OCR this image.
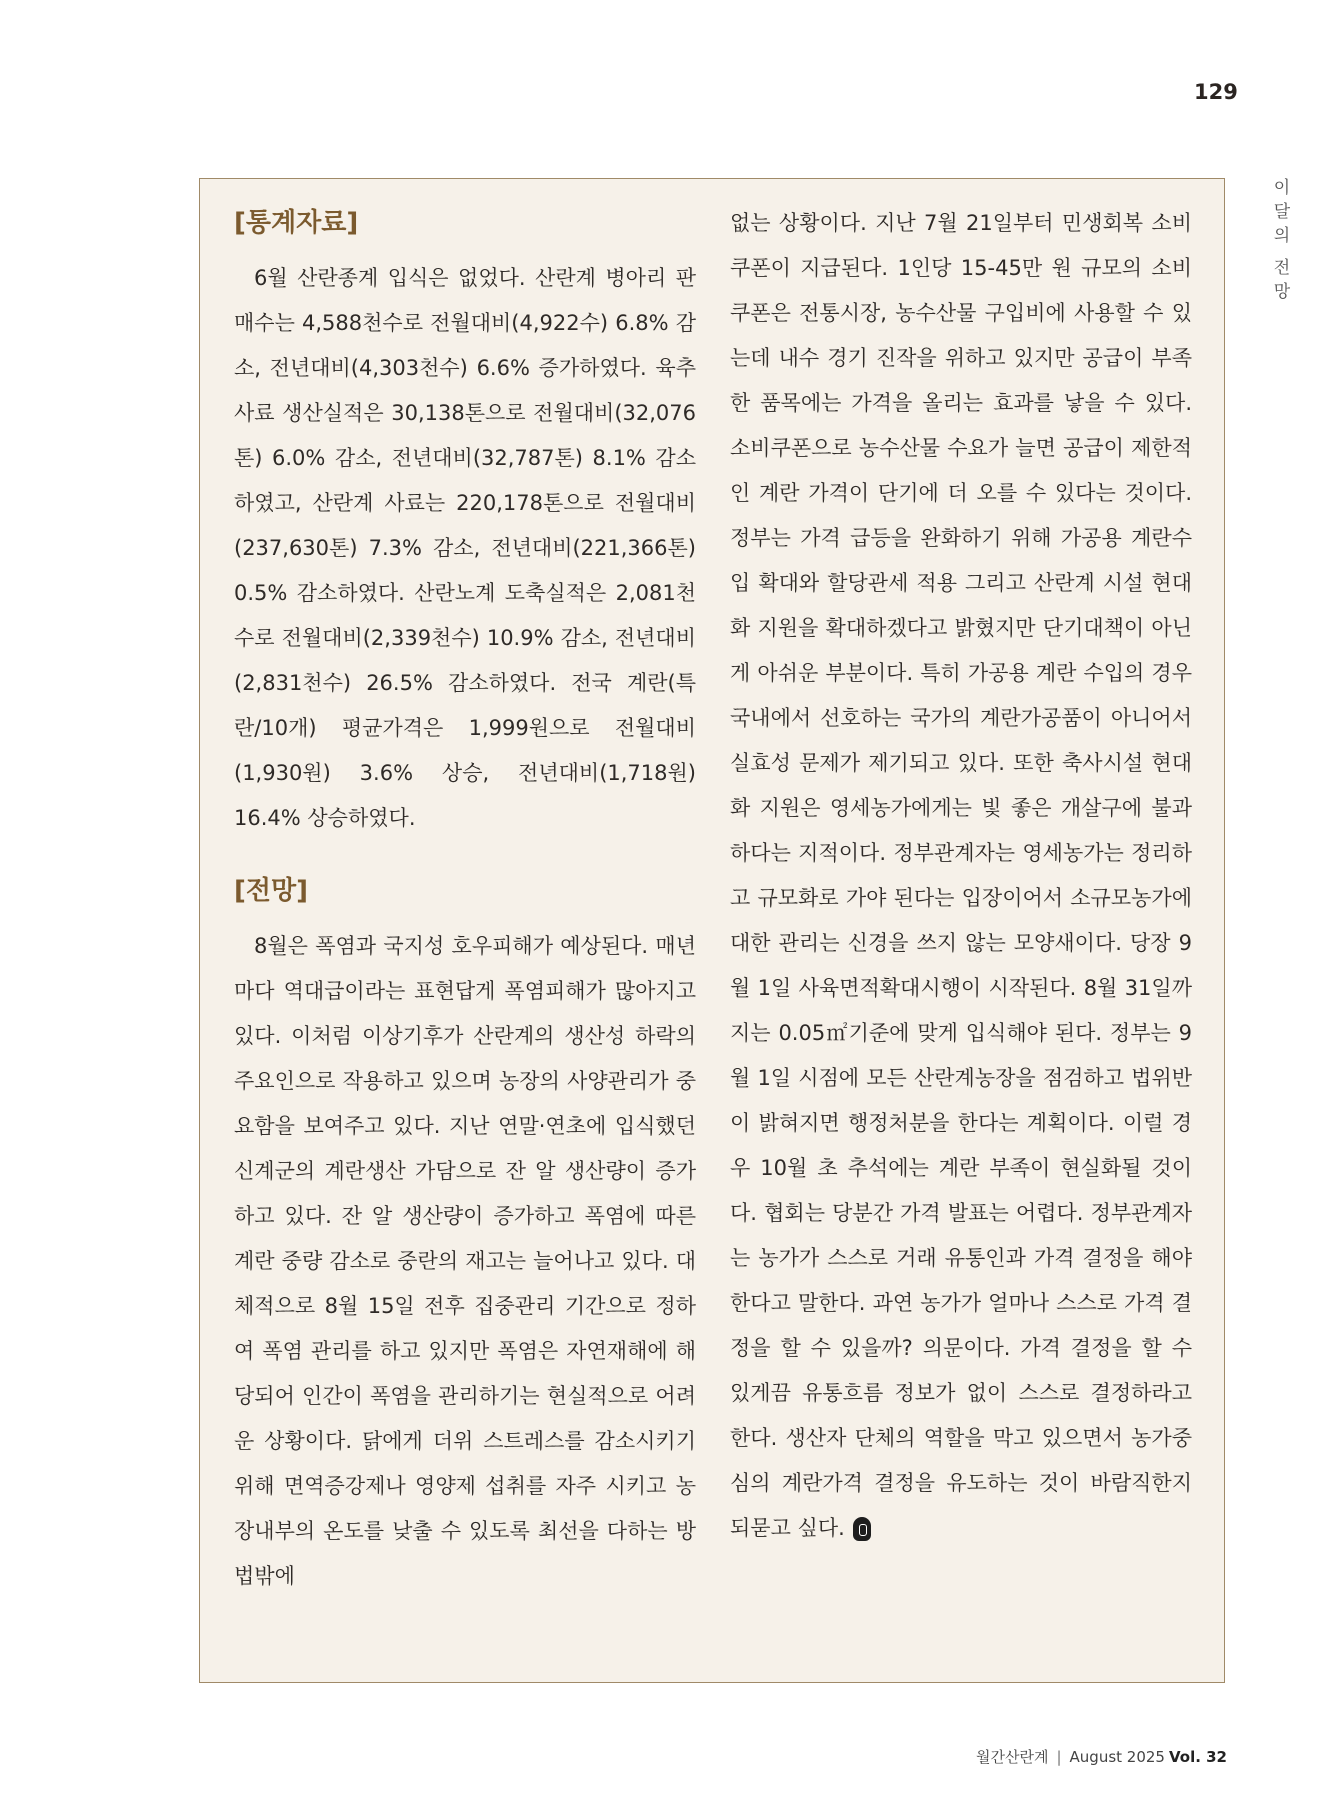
129
이
달
의
전
망
[통계자료]

6월 산란종계 입식은 없었다. 산란계 병아리 판매수는 4,588천수로 전월대비(4,922수) 6.8% 감소, 전년대비(4,303천수) 6.6% 증가하였다. 육추사료 생산실적은 30,138톤으로 전월대비(32,076톤) 6.0% 감소, 전년대비(32,787톤) 8.1% 감소하였고, 산란계 사료는 220,178톤으로 전월대비(237,630톤) 7.3% 감소, 전년대비(221,366톤) 0.5% 감소하였다. 산란노계 도축실적은 2,081천수로 전월대비(2,339천수) 10.9% 감소, 전년대비(2,831천수) 26.5% 감소하였다. 전국 계란(특란/10개) 평균가격은 1,999원으로 전월대비(1,930원) 3.6% 상승, 전년대비(1,718원) 16.4% 상승하였다.

[전망]

8월은 폭염과 국지성 호우피해가 예상된다. 매년마다 역대급이라는 표현답게 폭염피해가 많아지고 있다. 이처럼 이상기후가 산란계의 생산성 하락의 주요인으로 작용하고 있으며 농장의 사양관리가 중요함을 보여주고 있다. 지난 연말·연초에 입식했던 신계군의 계란생산 가담으로 잔 알 생산량이 증가하고 있다. 잔 알 생산량이 증가하고 폭염에 따른 계란 중량 감소로 중란의 재고는 늘어나고 있다. 대체적으로 8월 15일 전후 집중관리 기간으로 정하여 폭염 관리를 하고 있지만 폭염은 자연재해에 해당되어 인간이 폭염을 관리하기는 현실적으로 어려운 상황이다. 닭에게 더위 스트레스를 감소시키기 위해 면역증강제나 영양제 섭취를 자주 시키고 농장내부의 온도를 낮출 수 있도록 최선을 다하는 방법밖에

없는 상황이다. 지난 7월 21일부터 민생회복 소비쿠폰이 지급된다. 1인당 15-45만 원 규모의 소비쿠폰은 전통시장, 농수산물 구입비에 사용할 수 있는데 내수 경기 진작을 위하고 있지만 공급이 부족한 품목에는 가격을 올리는 효과를 낳을 수 있다. 소비쿠폰으로 농수산물 수요가 늘면 공급이 제한적인 계란 가격이 단기에 더 오를 수 있다는 것이다. 정부는 가격 급등을 완화하기 위해 가공용 계란수입 확대와 할당관세 적용 그리고 산란계 시설 현대화 지원을 확대하겠다고 밝혔지만 단기대책이 아닌 게 아쉬운 부분이다. 특히 가공용 계란 수입의 경우 국내에서 선호하는 국가의 계란가공품이 아니어서 실효성 문제가 제기되고 있다. 또한 축사시설 현대화 지원은 영세농가에게는 빛 좋은 개살구에 불과하다는 지적이다. 정부관계자는 영세농가는 정리하고 규모화로 가야 된다는 입장이어서 소규모농가에 대한 관리는 신경을 쓰지 않는 모양새이다. 당장 9월 1일 사육면적확대시행이 시작된다. 8월 31일까지는 0.05㎡기준에 맞게 입식해야 된다. 정부는 9월 1일 시점에 모든 산란계농장을 점검하고 법위반이 밝혀지면 행정처분을 한다는 계획이다. 이럴 경우 10월 초 추석에는 계란 부족이 현실화될 것이다. 협회는 당분간 가격 발표는 어렵다. 정부관계자는 농가가 스스로 거래 유통인과 가격 결정을 해야 한다고 말한다. 과연 농가가 얼마나 스스로 가격 결정을 할 수 있을까? 의문이다. 가격 결정을 할 수 있게끔 유통흐름 정보가 없이 스스로 결정하라고 한다. 생산자 단체의 역할을 막고 있으면서 농가중심의 계란가격 결정을 유도하는 것이 바람직한지 되묻고 싶다.

월간산란계 | August 2025 Vol. 32
